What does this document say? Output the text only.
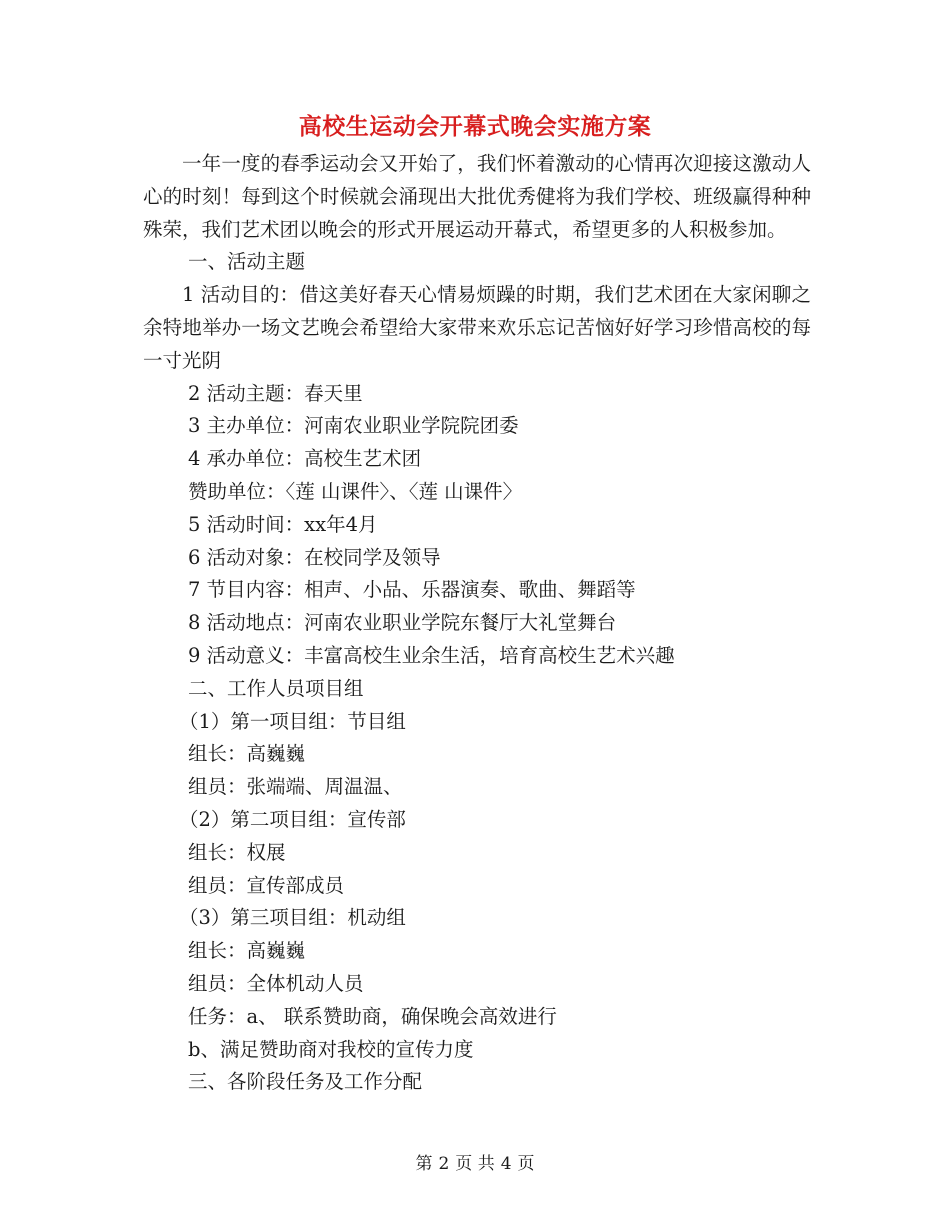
高校生运动会开幕式晚会实施方案

一年一度的春季运动会又开始了，我们怀着激动的心情再次迎接这激动人心的时刻！每到这个时候就会涌现出大批优秀健将为我们学校、班级赢得种种殊荣，我们艺术团以晚会的形式开展运动开幕式，希望更多的人积极参加。

一、活动主题

1 活动目的：借这美好春天心情易烦躁的时期，我们艺术团在大家闲聊之余特地举办一场文艺晚会希望给大家带来欢乐忘记苦恼好好学习珍惜高校的每一寸光阴

2 活动主题：春天里

3 主办单位：河南农业职业学院院团委

4 承办单位：高校生艺术团

赞助单位：〈莲 山课件〉、〈莲 山课件〉

5 活动时间：xx年4月

6 活动对象：在校同学及领导

7 节目内容：相声、小品、乐器演奏、歌曲、舞蹈等

8 活动地点：河南农业职业学院东餐厅大礼堂舞台

9 活动意义：丰富高校生业余生活，培育高校生艺术兴趣

二、工作人员项目组

（1）第一项目组：节目组

组长：高巍巍

组员：张端端、周温温、

（2）第二项目组：宣传部

组长：权展

组员：宣传部成员

（3）第三项目组：机动组

组长：高巍巍

组员：全体机动人员

任务：a、 联系赞助商，确保晚会高效进行

b、满足赞助商对我校的宣传力度

三、各阶段任务及工作分配

第 2 页 共 4 页
